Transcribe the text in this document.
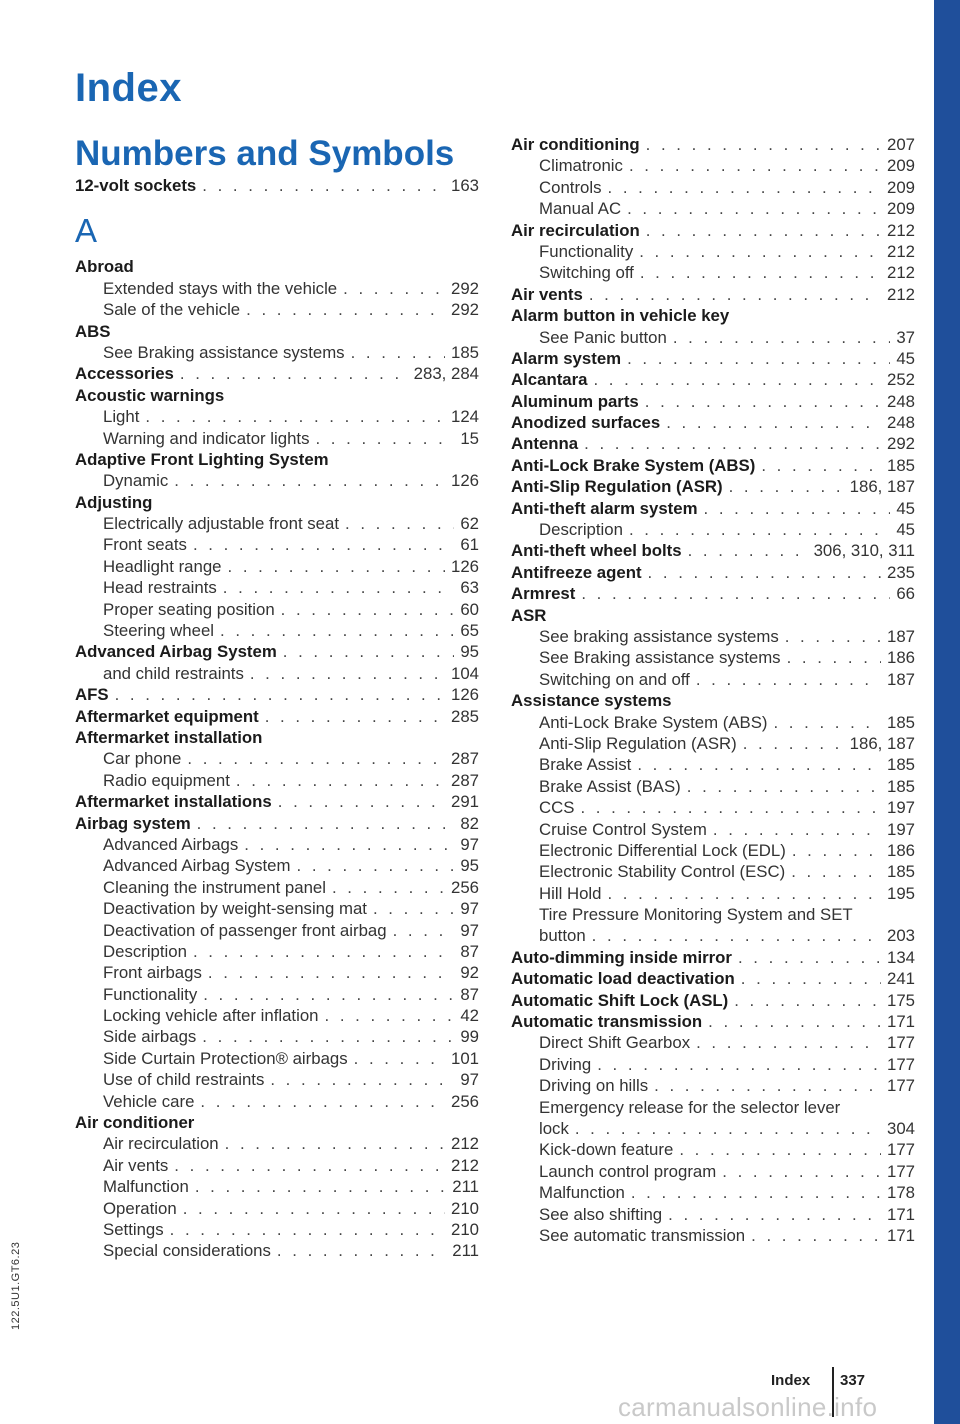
Index
Numbers and Symbols
12-volt sockets . . .	163
A
Abroad
Extended stays with the vehicle . . .	292
Sale of the vehicle . . .	292
ABS
See Braking assistance systems . . .	185
Accessories . . .	283, 284
Acoustic warnings
Light . . .	124
Warning and indicator lights . . .	15
Adaptive Front Lighting System
Dynamic . . .	126
Adjusting
Electrically adjustable front seat . . .	62
Front seats . . .	61
Headlight range . . .	126
Head restraints . . .	63
Proper seating position . . .	60
Steering wheel . . .	65
Advanced Airbag System . . .	95
and child restraints . . .	104
AFS . . .	126
Aftermarket equipment . . .	285
Aftermarket installation
Car phone . . .	287
Radio equipment . . .	287
Aftermarket installations . . .	291
Airbag system . . .	82
Advanced Airbags . . .	97
Advanced Airbag System . . .	95
Cleaning the instrument panel . . .	256
Deactivation by weight-sensing mat . . .	97
Deactivation of passenger front airbag . . .	97
Description . . .	87
Front airbags . . .	92
Functionality . . .	87
Locking vehicle after inflation . . .	42
Side airbags . . .	99
Side Curtain Protection® airbags . . .	101
Use of child restraints . . .	97
Vehicle care . . .	256
Air conditioner
Air recirculation . . .	212
Air vents . . .	212
Malfunction . . .	211
Operation . . .	210
Settings . . .	210
Special considerations . . .	211
Air conditioning . . .	207
Climatronic . . .	209
Controls . . .	209
Manual AC . . .	209
Air recirculation . . .	212
Functionality . . .	212
Switching off . . .	212
Air vents . . .	212
Alarm button in vehicle key
See Panic button . . .	37
Alarm system . . .	45
Alcantara . . .	252
Aluminum parts . . .	248
Anodized surfaces . . .	248
Antenna . . .	292
Anti-Lock Brake System (ABS) . . .	185
Anti-Slip Regulation (ASR) . . .	186, 187
Anti-theft alarm system . . .	45
Description . . .	45
Anti-theft wheel bolts . . .	306, 310, 311
Antifreeze agent . . .	235
Armrest . . .	66
ASR
See braking assistance systems . . .	187
See Braking assistance systems . . .	186
Switching on and off . . .	187
Assistance systems
Anti-Lock Brake System (ABS) . . .	185
Anti-Slip Regulation (ASR) . . .	186, 187
Brake Assist . . .	185
Brake Assist (BAS) . . .	185
CCS . . .	197
Cruise Control System . . .	197
Electronic Differential Lock (EDL) . . .	186
Electronic Stability Control (ESC) . . .	185
Hill Hold . . .	195
Tire Pressure Monitoring System and SET
button . . .	203
Auto-dimming inside mirror . . .	134
Automatic load deactivation . . .	241
Automatic Shift Lock (ASL) . . .	175
Automatic transmission . . .	171
Direct Shift Gearbox . . .	177
Driving . . .	177
Driving on hills . . .	177
Emergency release for the selector lever
lock . . .	304
Kick-down feature . . .	177
Launch control program . . .	177
Malfunction . . .	178
See also shifting . . .	171
See automatic transmission . . .	171
122.5U1.GT6.23
Index 337
carmanualsonline.info
